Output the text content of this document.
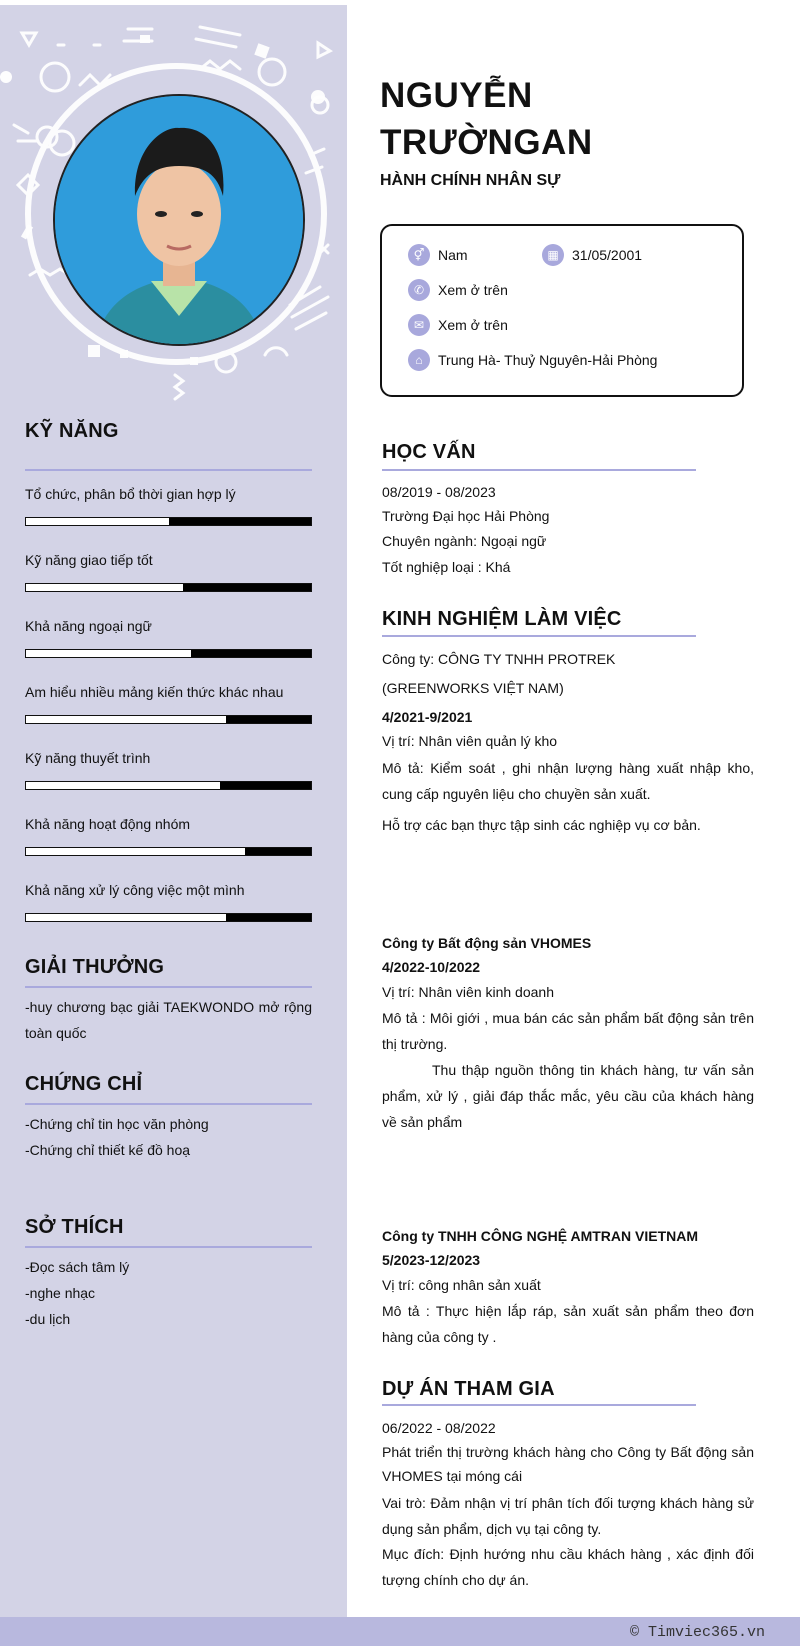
KỸ NĂNG
Tổ chức, phân bổ thời gian hợp lý
Kỹ năng giao tiếp tốt
Khả năng ngoại ngữ
Am hiểu nhiều mảng kiến thức khác nhau
Kỹ năng thuyết trình
Khả năng hoạt động nhóm
Khả năng xử lý công việc một mình
GIẢI THƯỞNG
-huy chương bạc giải TAEKWONDO mở rộng toàn quốc
CHỨNG CHỈ
-Chứng chỉ tin học văn phòng
-Chứng chỉ thiết kế đồ hoạ
SỞ THÍCH
-Đọc sách tâm lý
-nghe nhạc
-du lịch
NGUYỄN
TRƯỜNGAN
HÀNH CHÍNH NHÂN SỰ
⚥ Nam	▦ 31/05/2001
✆ Xem ở trên
✉ Xem ở trên
⌂	Trung Hà- Thuỷ Nguyên-Hải Phòng
HỌC VẤN
08/2019 - 08/2023
Trường Đại học Hải Phòng
Chuyên ngành: Ngoại ngữ
Tốt nghiệp loại : Khá
KINH NGHIỆM LÀM VIỆC
Công ty: CÔNG TY TNHH PROTREK
(GREENWORKS VIỆT NAM)
4/2021-9/2021
Vị trí: Nhân viên quản lý kho
Mô tả: Kiểm soát , ghi nhận lượng hàng xuất nhập kho, cung cấp nguyên liệu cho chuyền sản xuất.
Hỗ trợ các bạn thực tập sinh các nghiệp vụ cơ bản.
Công ty Bất động sản VHOMES
4/2022-10/2022
Vị trí: Nhân viên kinh doanh
Mô tả : Môi giới , mua bán các sản phẩm bất động sản trên thị trường.
Thu thập nguồn thông tin khách hàng, tư vấn sản phẩm, xử lý , giải đáp thắc mắc, yêu cầu của khách hàng về sản phẩm
Công ty TNHH CÔNG NGHỆ AMTRAN VIETNAM
5/2023-12/2023
Vị trí: công nhân sản xuất
Mô tả : Thực hiện lắp ráp, sản xuất sản phẩm theo đơn hàng của công ty .
DỰ ÁN THAM GIA
06/2022 - 08/2022
Phát triển thị trường khách hàng cho Công ty Bất động sản VHOMES tại móng cái
Vai trò: Đảm nhận vị trí phân tích đối tượng khách hàng sử dụng sản phẩm, dịch vụ tại công ty.
Mục đích: Định hướng nhu cầu khách hàng , xác định đối tượng chính cho dự án.
© Timviec365.vn
